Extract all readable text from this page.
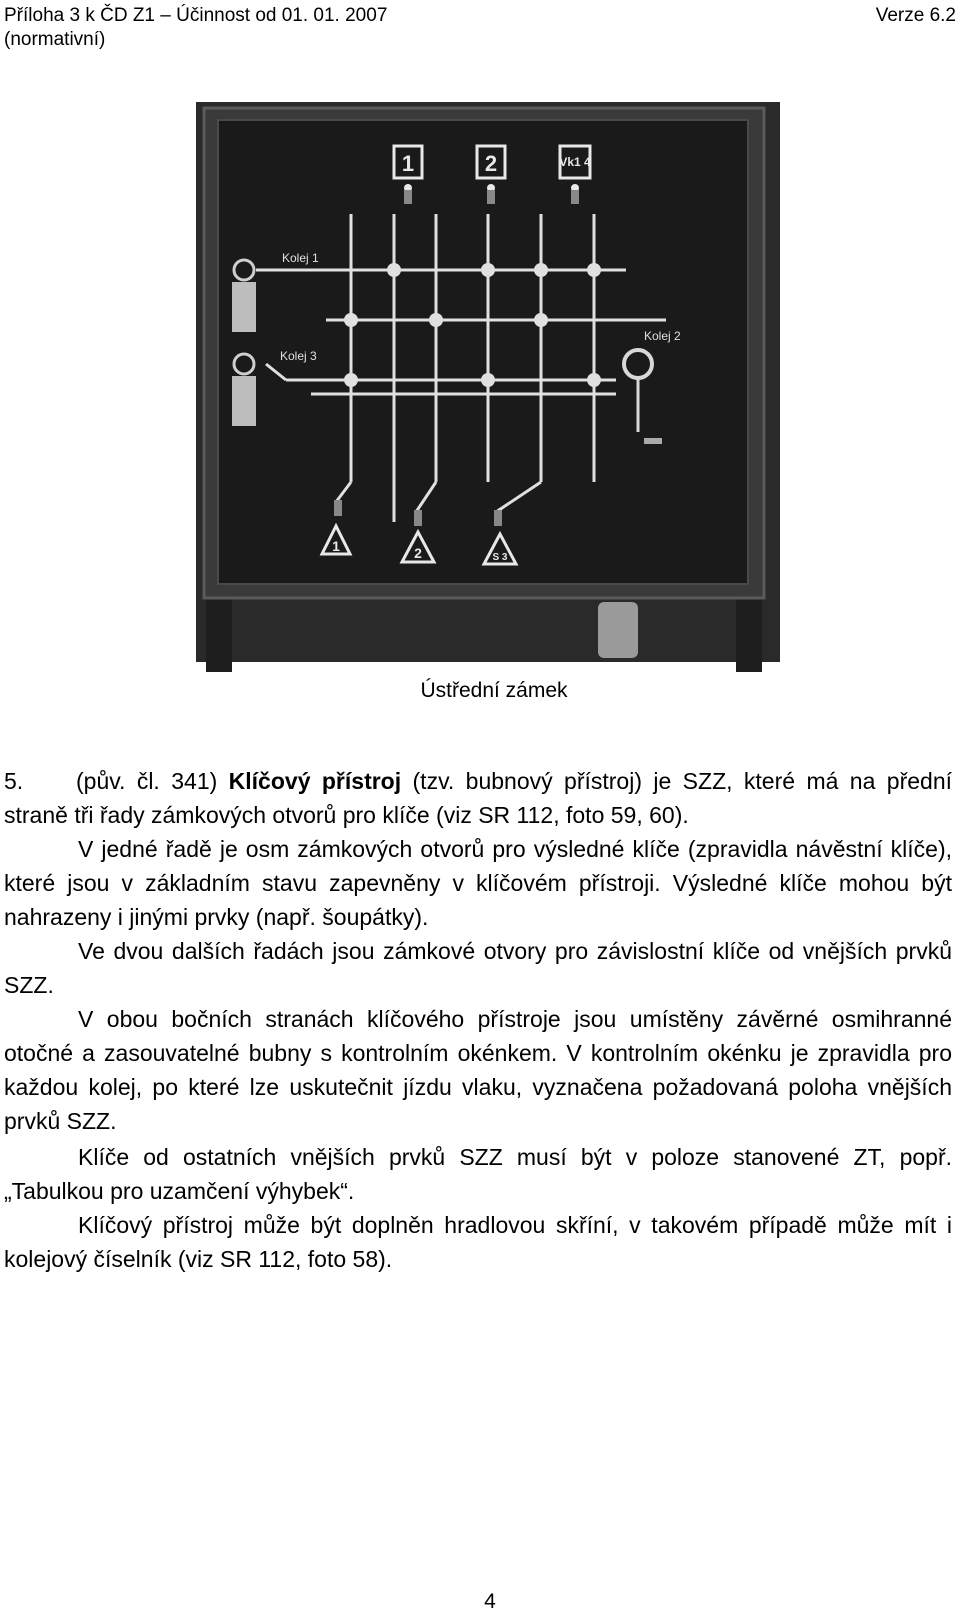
Příloha 3 k ČD Z1 – Účinnost od 01. 01. 2007
(normativní)
Verze 6.2
1	2	Vk1 4
Kolej 1
Kolej 3
Kolej 2
1	2	S 3
Ústřední zámek

5. (pův. čl. 341) Klíčový přístroj (tzv. bubnový přístroj) je SZZ, které má na přední straně tři řady zámkových otvorů pro klíče (viz SR 112, foto 59, 60).

V jedné řadě je osm zámkových otvorů pro výsledné klíče (zpravidla návěstní klíče), které jsou v základním stavu zapevněny v klíčovém přístroji. Výsledné klíče mohou být nahrazeny i jinými prvky (např. šoupátky).

Ve dvou dalších řadách jsou zámkové otvory pro závislostní klíče od vnějších prvků SZZ.

V obou bočních stranách klíčového přístroje jsou umístěny závěrné osmihranné otočné a zasouvatelné bubny s kontrolním okénkem. V kontrolním okénku je zpravidla pro každou kolej, po které lze uskutečnit jízdu vlaku, vyznačena požadovaná poloha vnějších prvků SZZ.

Klíče od ostatních vnějších prvků SZZ musí být v poloze stanovené ZT, popř. „Tabulkou pro uzamčení výhybek“.

Klíčový přístroj může být doplněn hradlovou skříní, v takovém případě může mít i kolejový číselník (viz SR 112, foto 58).

4
